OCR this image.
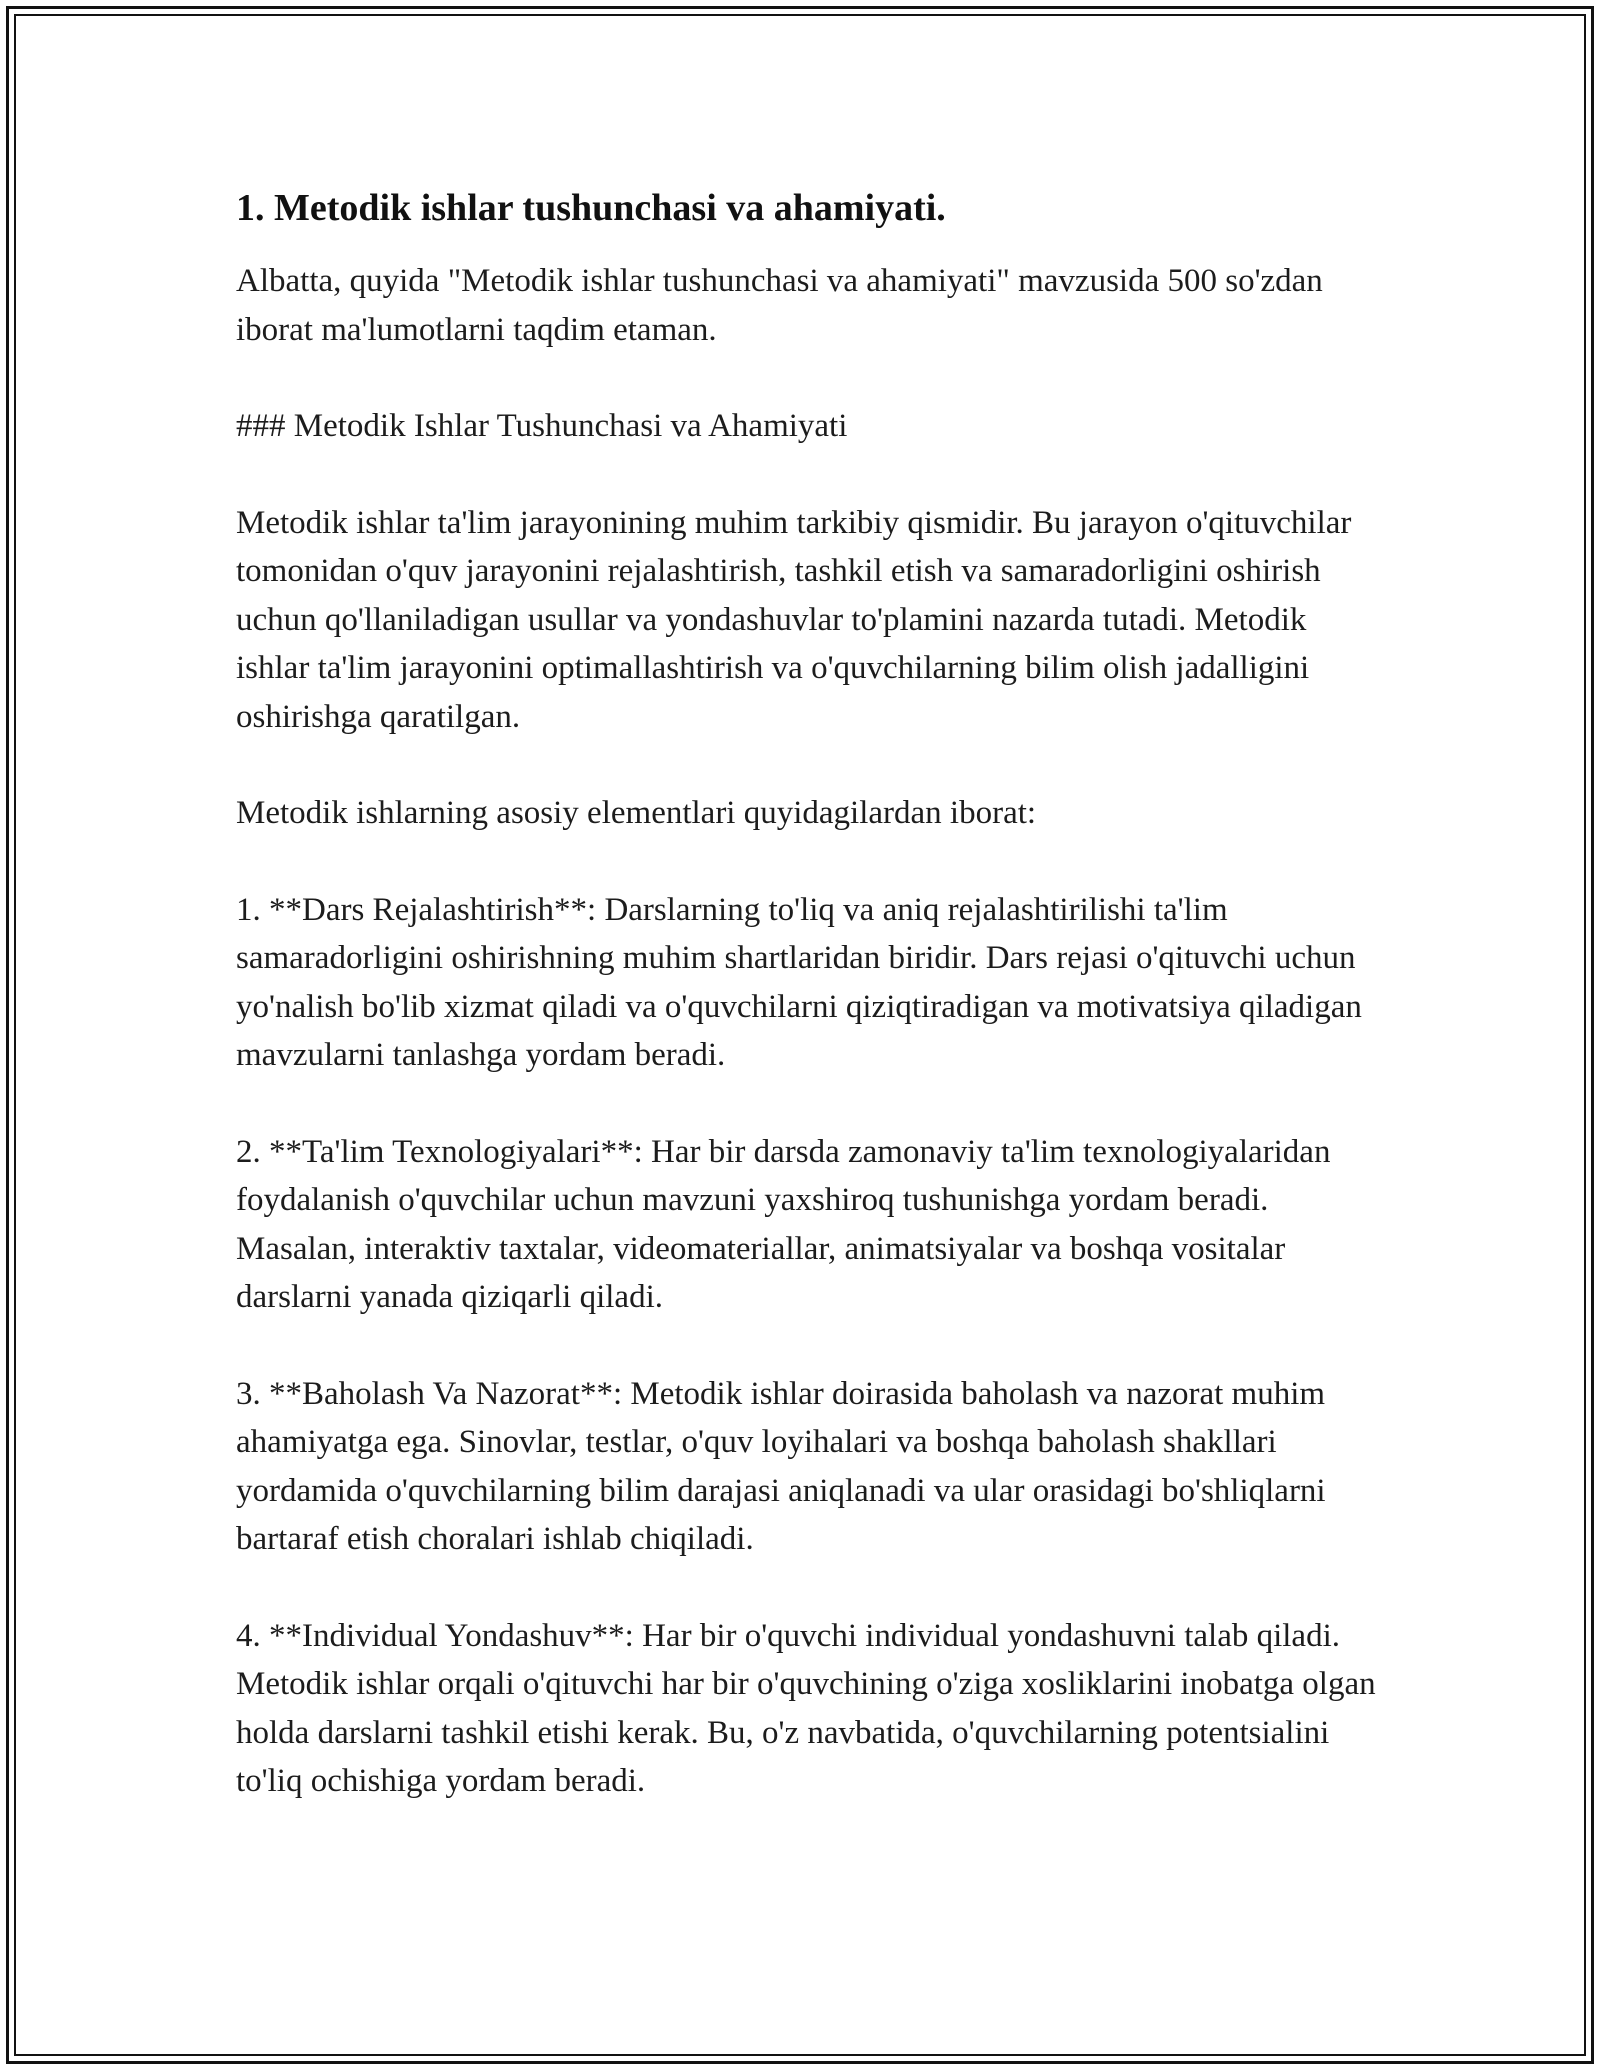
1. Metodik ishlar tushunchasi va ahamiyati.

Albatta, quyida "Metodik ishlar tushunchasi va ahamiyati" mavzusida 500 so'zdan iborat ma'lumotlarni taqdim etaman.

### Metodik Ishlar Tushunchasi va Ahamiyati

Metodik ishlar ta'lim jarayonining muhim tarkibiy qismidir. Bu jarayon o'qituvchilar tomonidan o'quv jarayonini rejalashtirish, tashkil etish va samaradorligini oshirish uchun qo'llaniladigan usullar va yondashuvlar to'plamini nazarda tutadi. Metodik ishlar ta'lim jarayonini optimallashtirish va o'quvchilarning bilim olish jadalligini oshirishga qaratilgan.

Metodik ishlarning asosiy elementlari quyidagilardan iborat:

1. **Dars Rejalashtirish**: Darslarning to'liq va aniq rejalashtirilishi ta'lim samaradorligini oshirishning muhim shartlaridan biridir. Dars rejasi o'qituvchi uchun yo'nalish bo'lib xizmat qiladi va o'quvchilarni qiziqtiradigan va motivatsiya qiladigan mavzularni tanlashga yordam beradi.

2. **Ta'lim Texnologiyalari**: Har bir darsda zamonaviy ta'lim texnologiyalaridan foydalanish o'quvchilar uchun mavzuni yaxshiroq tushunishga yordam beradi. Masalan, interaktiv taxtalar, videomateriallar, animatsiyalar va boshqa vositalar darslarni yanada qiziqarli qiladi.

3. **Baholash Va Nazorat**: Metodik ishlar doirasida baholash va nazorat muhim ahamiyatga ega. Sinovlar, testlar, o'quv loyihalari va boshqa baholash shakllari yordamida o'quvchilarning bilim darajasi aniqlanadi va ular orasidagi bo'shliqlarni bartaraf etish choralari ishlab chiqiladi.

4. **Individual Yondashuv**: Har bir o'quvchi individual yondashuvni talab qiladi. Metodik ishlar orqali o'qituvchi har bir o'quvchining o'ziga xosliklarini inobatga olgan holda darslarni tashkil etishi kerak. Bu, o'z navbatida, o'quvchilarning potentsialini to'liq ochishiga yordam beradi.
